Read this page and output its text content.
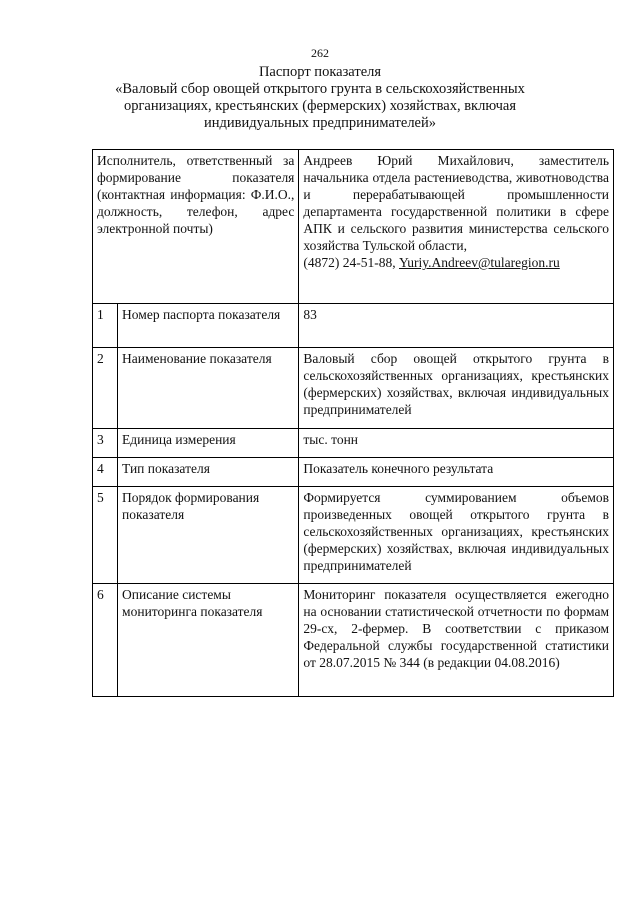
262
Паспорт показателя
«Валовый сбор овощей открытого грунта в сельскохозяйственных
организациях, крестьянских (фермерских) хозяйствах, включая
индивидуальных предпринимателей»
Исполнитель, ответственный за формирование показателя (контактная информация: Ф.И.О., должность, телефон, адрес электронной почты)		Андреев Юрий Михайлович, заместитель начальника отдела растениеводства, животноводства и перерабатывающей промышленности департамента государственной политики в сфере АПК и сельского развития министерства сельского хозяйства Тульской области,
(4872) 24-51-88, Yuriy.Andreev@tularegion.ru
1	Номер паспорта показателя	83
2	Наименование показателя	Валовый сбор овощей открытого грунта в сельскохозяйственных организациях, крестьянских (фермерских) хозяйствах, включая индивидуальных предпринимателей
3	Единица измерения	тыс. тонн
4	Тип показателя	Показатель конечного результата
5	Порядок формирования показателя	Формируется суммированием объемов произведенных овощей открытого грунта в сельскохозяйственных организациях, крестьянских (фермерских) хозяйствах, включая индивидуальных предпринимателей
6	Описание системы мониторинга показателя	Мониторинг показателя осуществляется ежегодно на основании статистической отчетности по формам 29-сх, 2-фермер. В соответствии с приказом Федеральной службы государственной статистики от 28.07.2015 № 344 (в редакции 04.08.2016)
